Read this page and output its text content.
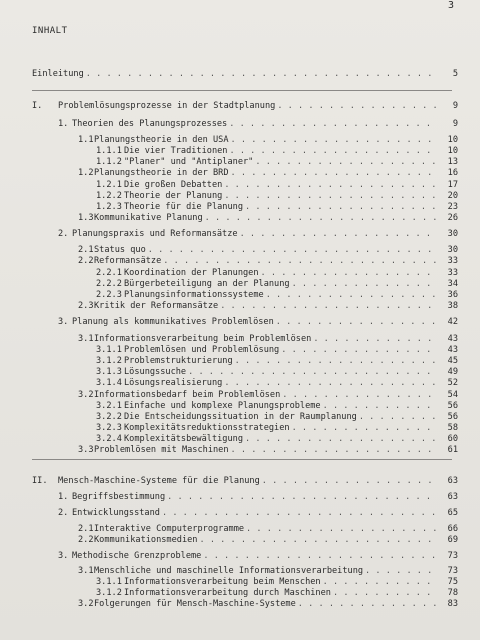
3
INHALT
Einleitung . . .	5
I.	Problemlösungsprozesse in der Stadtplanung . . .	9
1. Theorien des Planungsprozesses . . .	9
1.1 Planungstheorie in den USA . . .	10
1.1.1 Die vier Traditionen . . .	10
1.1.2 "Planer" und "Antiplaner" . . .	13
1.2 Planungstheorie in der BRD . . .	16
1.2.1 Die großen Debatten . . .	17
1.2.2 Theorie der Planung . . .	20
1.2.3 Theorie für die Planung . . .	23
1.3 Kommunikative Planung . . .	26
2. Planungspraxis und Reformansätze . . .	30
2.1 Status quo . . .	30
2.2 Reformansätze . . .	33
2.2.1 Koordination der Planungen . . .	33
2.2.2 Bürgerbeteiligung an der Planung . . .	34
2.2.3 Planungsinformationssysteme . . .	36
2.3 Kritik der Reformansätze . . .	38
3. Planung als kommunikatives Problemlösen . . .	42
3.1 Informationsverarbeitung beim Problemlösen . . .	43
3.1.1 Problemlösen und Problemlösung . . .	43
3.1.2 Problemstrukturierung . . .	45
3.1.3 Lösungssuche . . .	49
3.1.4 Lösungsrealisierung . . .	52
3.2 Informationsbedarf beim Problemlösen . . .	54
3.2.1 Einfache und komplexe Planungsprobleme . . .	56
3.2.2 Die Entscheidungssituation in der Raumplanung . . .	56
3.2.3 Komplexitätsreduktionsstrategien . . .	58
3.2.4 Komplexitätsbewältigung . . .	60
3.3 Problemlösen mit Maschinen . . .	61
II.	Mensch-Maschine-Systeme für die Planung . . .	63
1. Begriffsbestimmung . . .	63
2. Entwicklungsstand . . .	65
2.1 Interaktive Computerprogramme . . .	66
2.2 Kommunikationsmedien . . .	69
3. Methodische Grenzprobleme . . .	73
3.1 Menschliche und maschinelle Informationsverarbeitung . . .	73
3.1.1 Informationsverarbeitung beim Menschen . . .	75
3.1.2 Informationsverarbeitung durch Maschinen . . .	78
3.2 Folgerungen für Mensch-Maschine-Systeme . . .	83
